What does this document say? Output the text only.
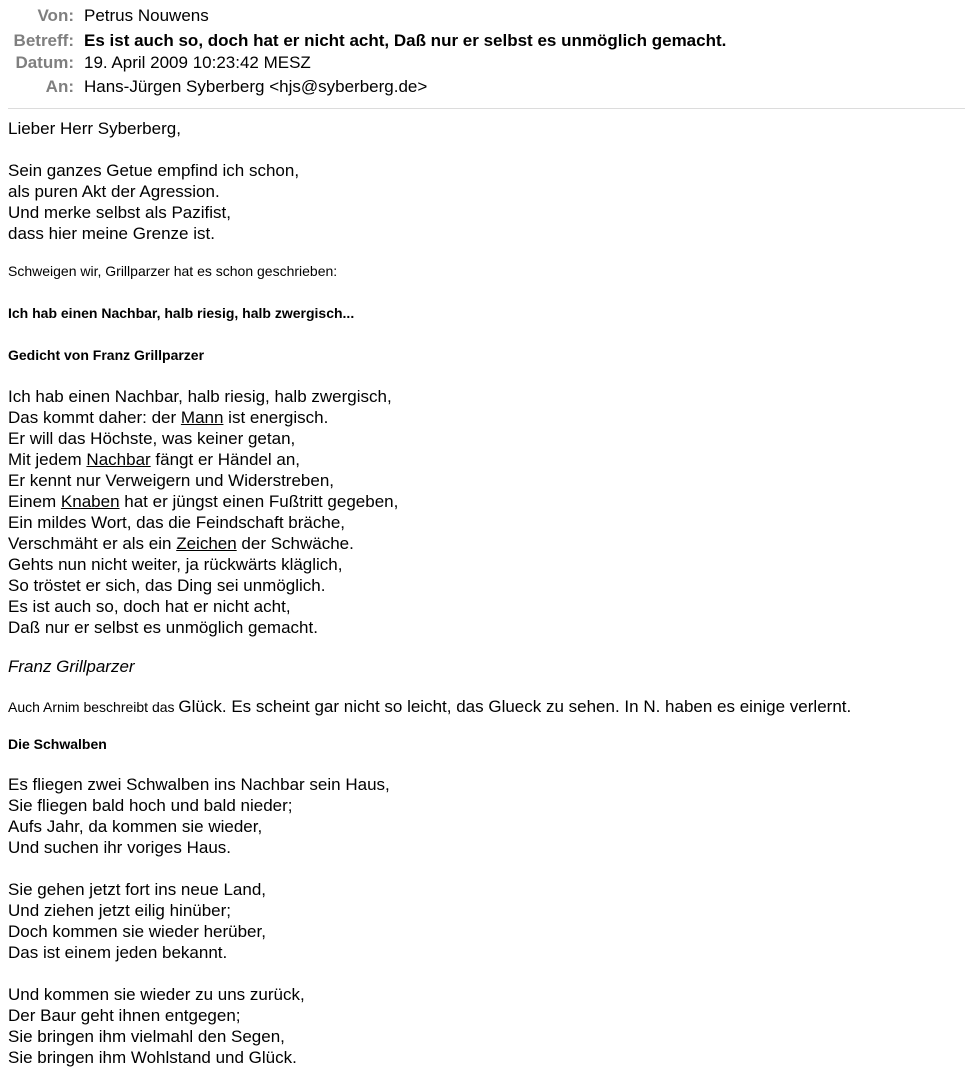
Von: Petrus Nouwens
Betreff: Es ist auch so, doch hat er nicht acht, Daß nur er selbst es unmöglich gemacht.
Datum: 19. April 2009 10:23:42 MESZ
An: Hans-Jürgen Syberberg <hjs@syberberg.de>

Lieber Herr Syberberg,

Sein ganzes Getue empfind ich schon,

als puren Akt der Agression.

Und merke selbst als Pazifist,

dass hier meine Grenze ist.

Schweigen wir, Grillparzer hat es schon geschrieben:

Ich hab einen Nachbar, halb riesig, halb zwergisch...

Gedicht von Franz Grillparzer

Ich hab einen Nachbar, halb riesig, halb zwergisch,

Das kommt daher: der Mann ist energisch.

Er will das Höchste, was keiner getan,

Mit jedem Nachbar fängt er Händel an,

Er kennt nur Verweigern und Widerstreben,

Einem Knaben hat er jüngst einen Fußtritt gegeben,

Ein mildes Wort, das die Feindschaft bräche,

Verschmäht er als ein Zeichen der Schwäche.

Gehts nun nicht weiter, ja rückwärts kläglich,

So tröstet er sich, das Ding sei unmöglich.

Es ist auch so, doch hat er nicht acht,

Daß nur er selbst es unmöglich gemacht.

Franz Grillparzer

Auch Arnim beschreibt das Glück. Es scheint gar nicht so leicht, das Glueck zu sehen. In N. haben es einige verlernt.

Die Schwalben

Es fliegen zwei Schwalben ins Nachbar sein Haus,

Sie fliegen bald hoch und bald nieder;

Aufs Jahr, da kommen sie wieder,

Und suchen ihr voriges Haus.

Sie gehen jetzt fort ins neue Land,

Und ziehen jetzt eilig hinüber;

Doch kommen sie wieder herüber,

Das ist einem jeden bekannt.

Und kommen sie wieder zu uns zurück,

Der Baur geht ihnen entgegen;

Sie bringen ihm vielmahl den Segen,

Sie bringen ihm Wohlstand und Glück.
